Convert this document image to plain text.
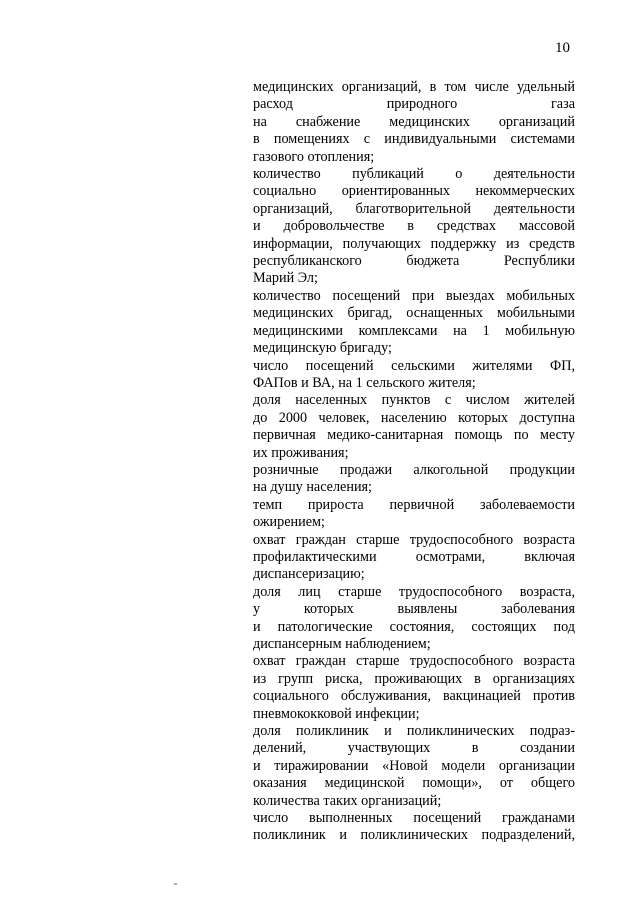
10

медицинских организаций, в том числе удельный
расход природного газа
на снабжение медицинских организаций
в помещениях с индивидуальными системами
газового отопления;

количество публикаций о деятельности
социально ориентированных некоммерческих
организаций, благотворительной деятельности
и добровольчестве в средствах массовой
информации, получающих поддержку из средств
республиканского бюджета Республики
Марий Эл;

количество посещений при выездах мобильных
медицинских бригад, оснащенных мобильными
медицинскими комплексами на 1 мобильную
медицинскую бригаду;

число посещений сельскими жителями ФП,
ФАПов и ВА, на 1 сельского жителя;

доля населенных пунктов с числом жителей
до 2000 человек, населению которых доступна
первичная медико-санитарная помощь по месту
их проживания;

розничные продажи алкогольной продукции
на душу населения;

темп прироста первичной заболеваемости
ожирением;

охват граждан старше трудоспособного возраста
профилактическими осмотрами, включая
диспансеризацию;

доля лиц старше трудоспособного возраста,
у которых выявлены заболевания
и патологические состояния, состоящих под
диспансерным наблюдением;

охват граждан старше трудоспособного возраста
из групп риска, проживающих в организациях
социального обслуживания, вакцинацией против
пневмококковой инфекции;

доля поликлиник и поликлинических подраз-
делений, участвующих в создании
и тиражировании «Новой модели организации
оказания медицинской помощи», от общего
количества таких организаций;

число выполненных посещений гражданами
поликлиник и поликлинических подразделений,
